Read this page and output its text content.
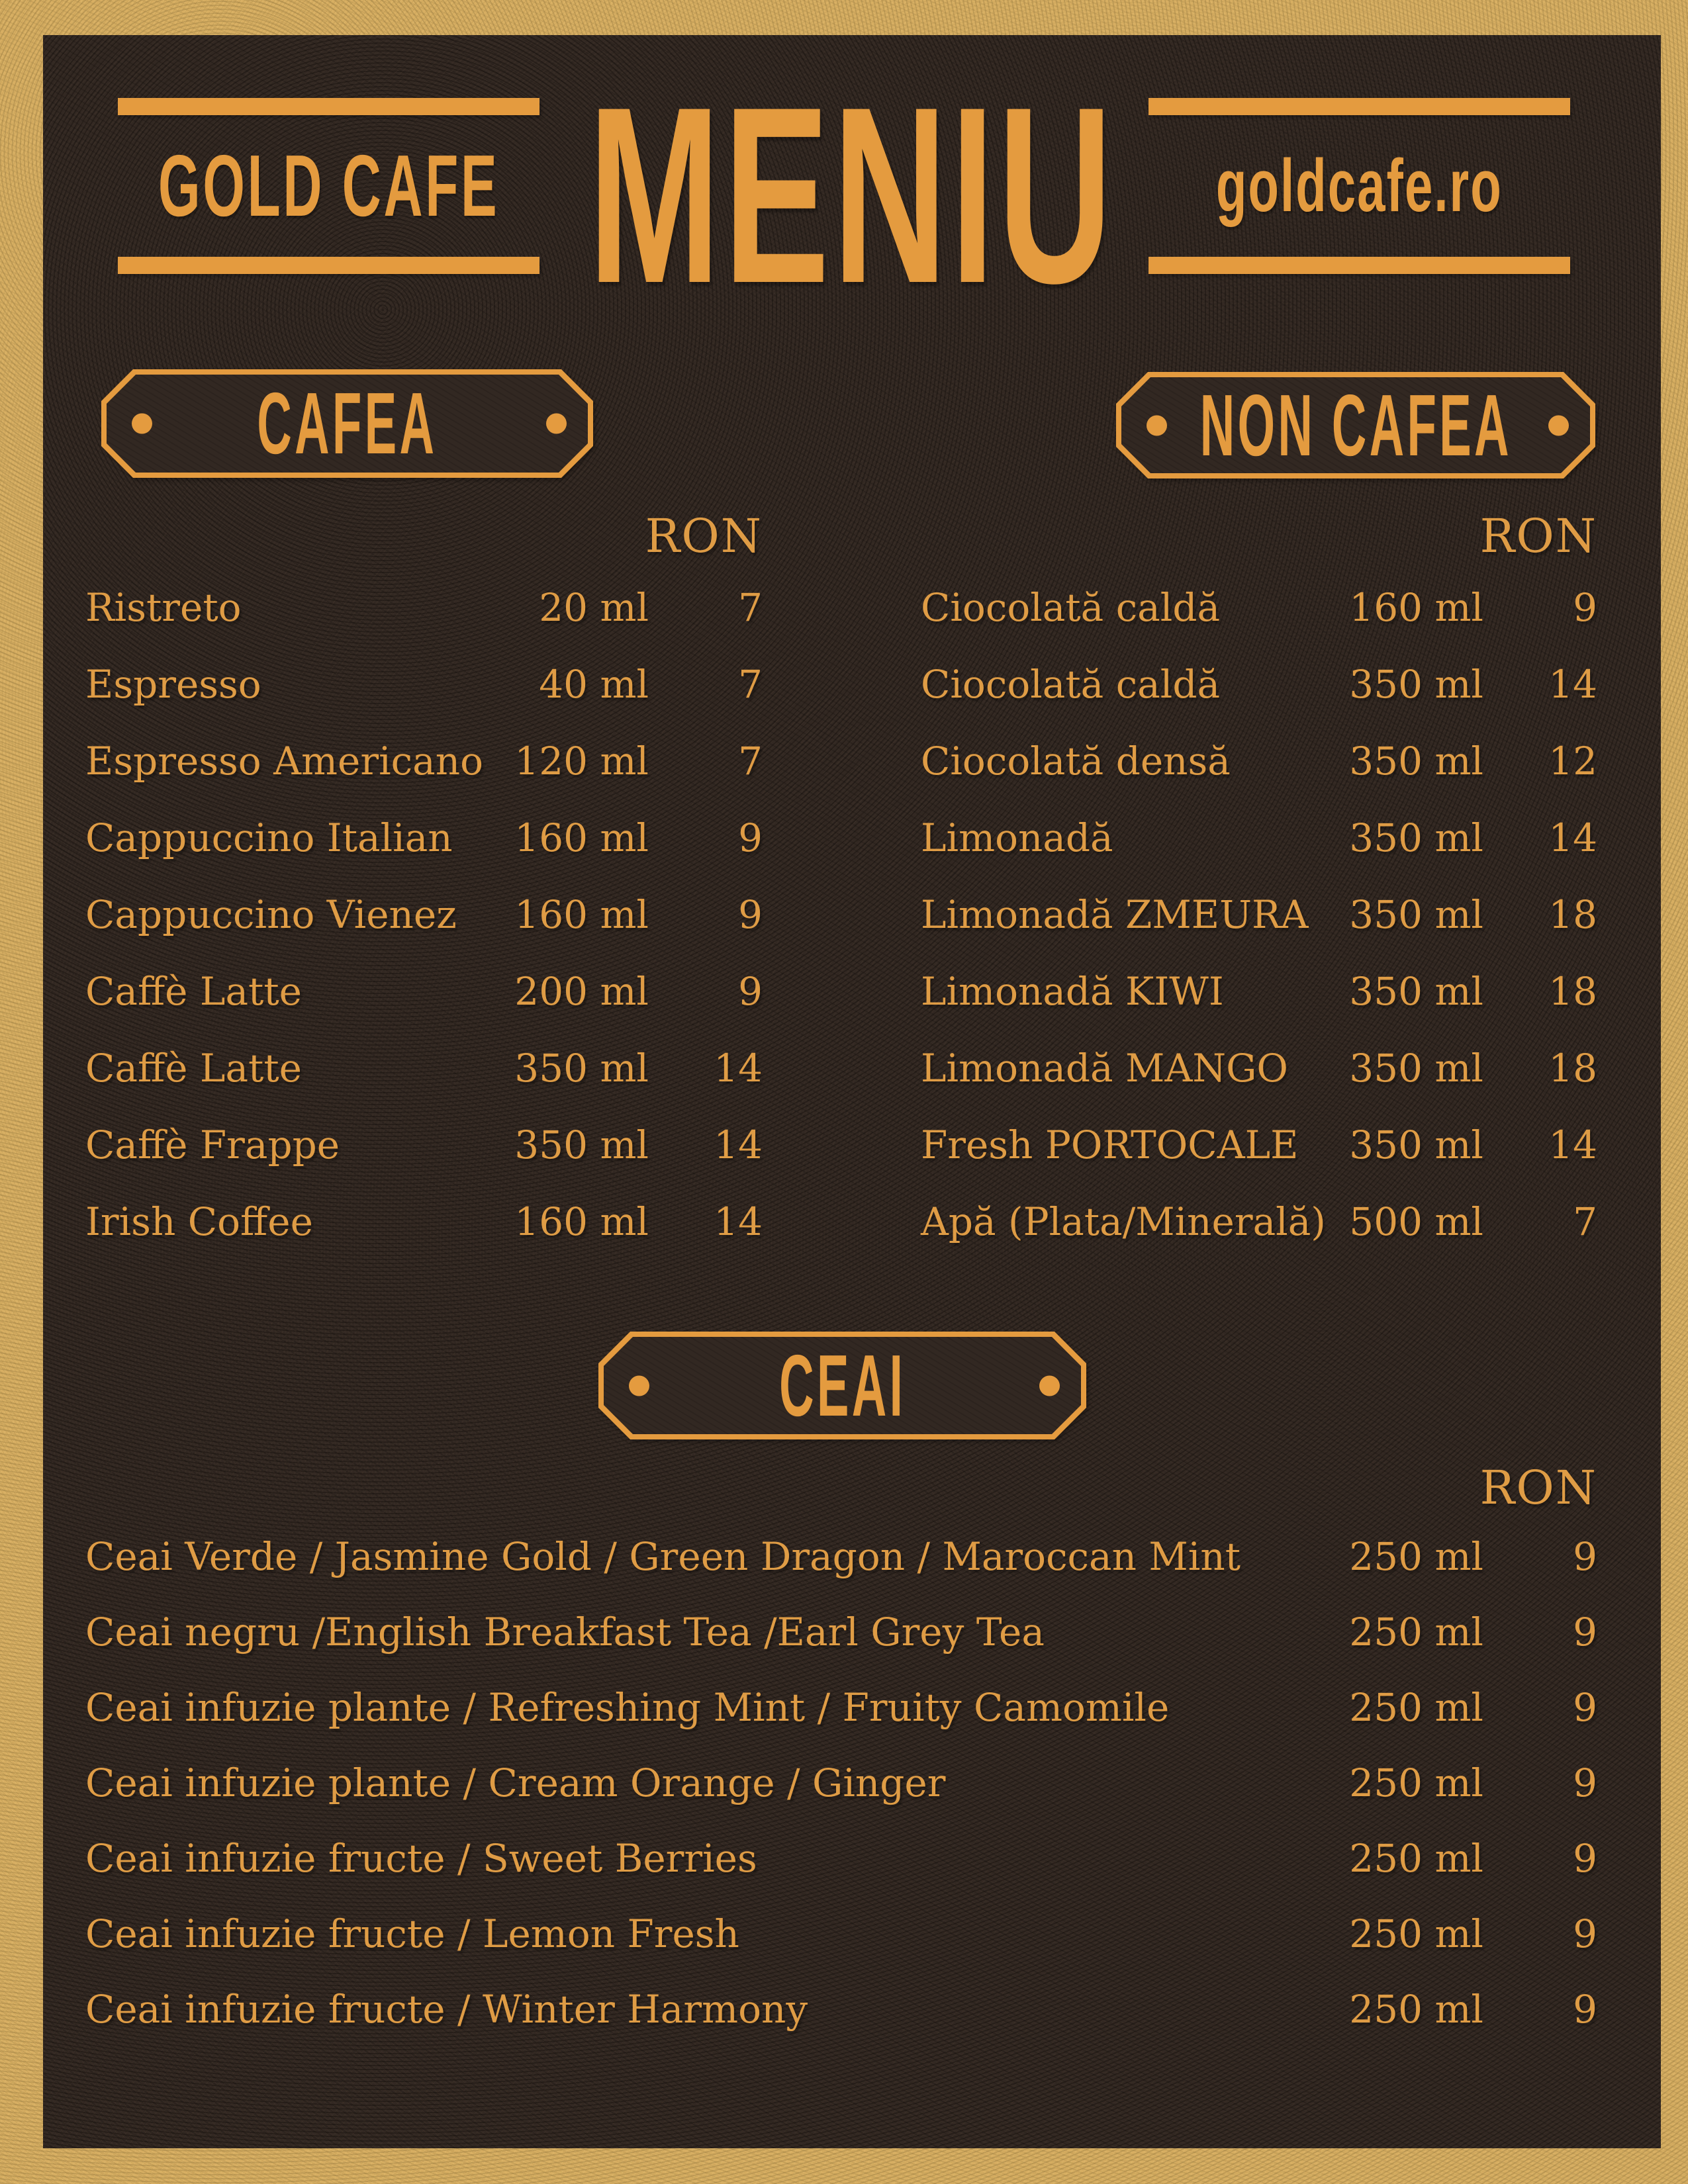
GOLD CAFE MENIU	goldcafe.ro
CAFEA	NON CAFEA
CEAI
RON	RON
RON
Ristreto	20 ml	7
Espresso	40 ml	7
Espresso Americano 120 ml	7
Cappuccino Italian	160 ml	9
Cappuccino Vienez	160 ml	9
Caffè Latte	200 ml	9
Caffè Latte	350 ml	14
Caffè Frappe	350 ml	14
Irish Coffee	160 ml	14
Ciocolată caldă	160 ml	9
Ciocolată caldă	350 ml	14
Ciocolată densă	350 ml	12
Limonadă	350 ml	14
Limonadă ZMEURA	350 ml	18
Limonadă KIWI	350 ml	18
Limonadă MANGO	350 ml	18
Fresh PORTOCALE	350 ml	14
Apă (Plata/Minerală) 500 ml	7
Ceai Verde / Jasmine Gold / Green Dragon / Maroccan Mint	250 ml	9
Ceai negru /English Breakfast Tea /Earl Grey Tea	250 ml	9
Ceai infuzie plante / Refreshing Mint / Fruity Camomile	250 ml	9
Ceai infuzie plante / Cream Orange / Ginger	250 ml	9
Ceai infuzie fructe / Sweet Berries	250 ml	9
Ceai infuzie fructe / Lemon Fresh	250 ml	9
Ceai infuzie fructe / Winter Harmony	250 ml	9
